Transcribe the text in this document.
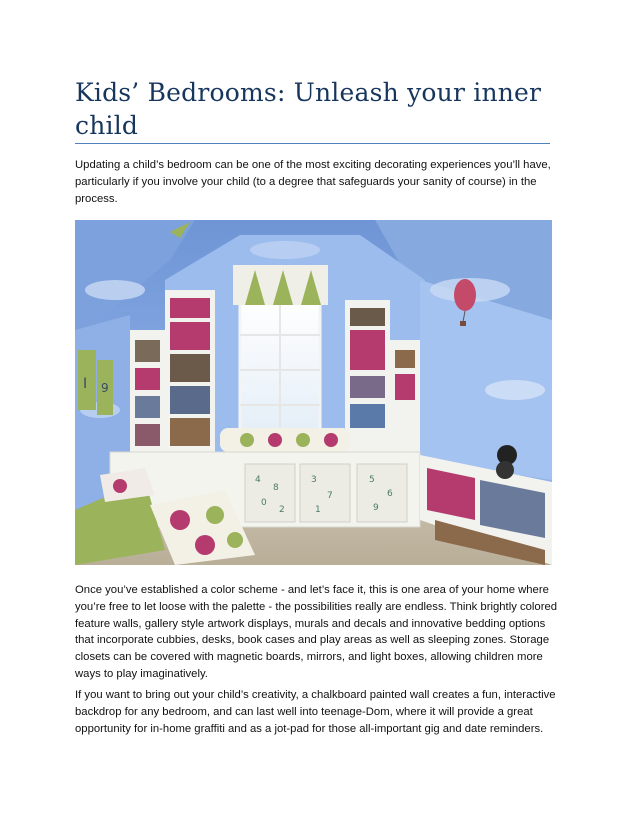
Kids’ Bedrooms: Unleash your inner child

Updating a child’s bedroom can be one of the most exciting decorating experiences you’ll have, particularly if you involve your child (to a degree that safeguards your sanity of course) in the process.

4
8
0
2
3
7
1
5
6
9
I 9

Once you’ve established a color scheme - and let’s face it, this is one area of your home where you’re free to let loose with the palette - the possibilities really are endless. Think brightly colored feature walls, gallery style artwork displays, murals and decals and innovative bedding options that incorporate cubbies, desks, book cases and play areas as well as sleeping zones. Storage closets can be covered with magnetic boards, mirrors, and light boxes, allowing children more ways to play imaginatively.

If you want to bring out your child’s creativity, a chalkboard painted wall creates a fun, interactive backdrop for any bedroom, and can last well into teenage-Dom, where it will provide a great opportunity for in-home graffiti and as a jot-pad for those all-important gig and date reminders.
